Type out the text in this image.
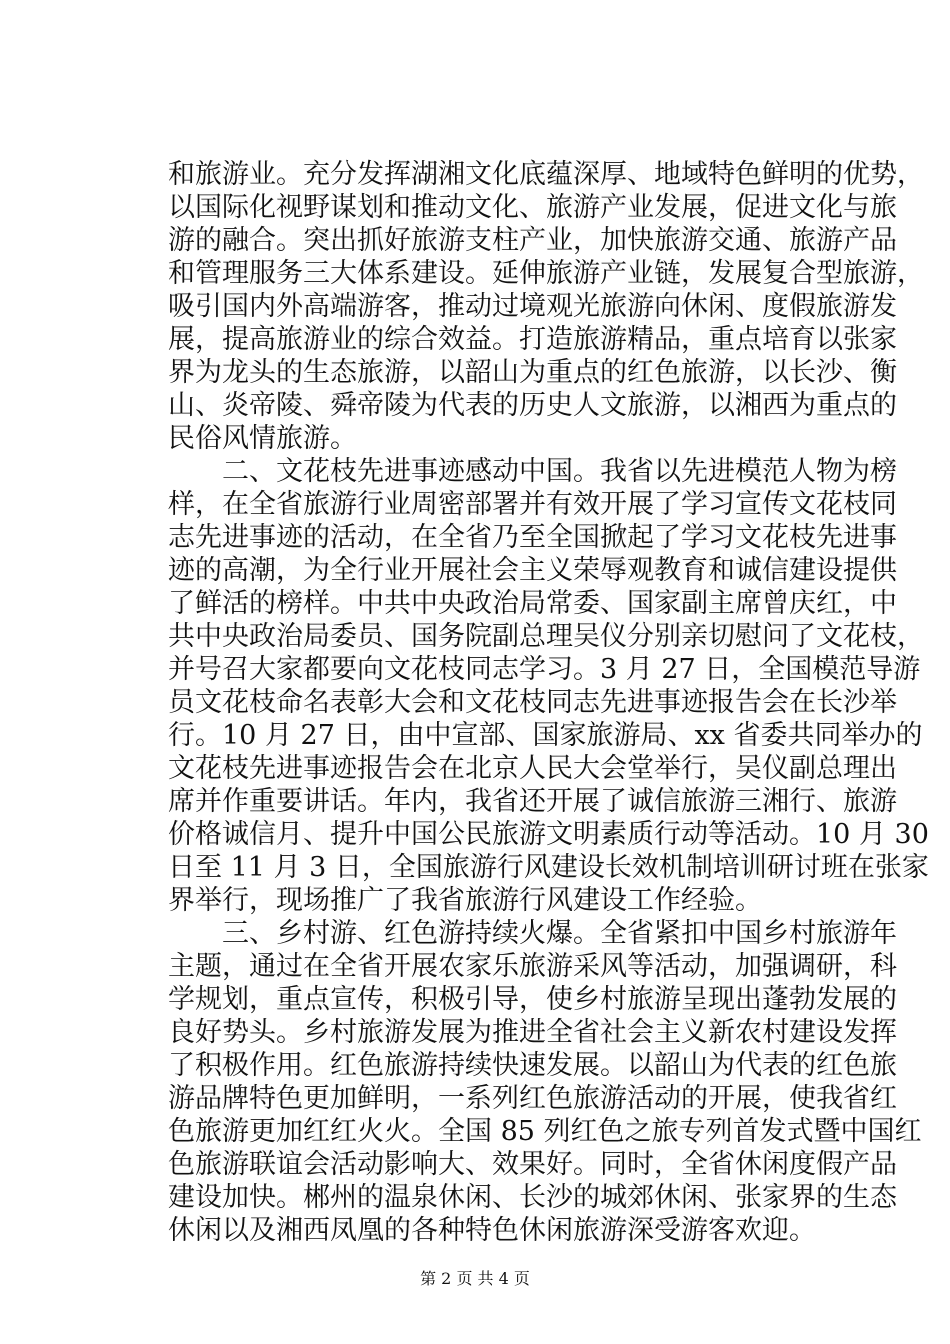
和旅游业。充分发挥湖湘文化底蕴深厚、地域特色鲜明的优势，
以国际化视野谋划和推动文化、旅游产业发展，促进文化与旅
游的融合。突出抓好旅游支柱产业，加快旅游交通、旅游产品
和管理服务三大体系建设。延伸旅游产业链，发展复合型旅游，
吸引国内外高端游客，推动过境观光旅游向休闲、度假旅游发
展，提高旅游业的综合效益。打造旅游精品，重点培育以张家
界为龙头的生态旅游，以韶山为重点的红色旅游，以长沙、衡
山、炎帝陵、舜帝陵为代表的历史人文旅游，以湘西为重点的
民俗风情旅游。
　　二、文花枝先进事迹感动中国。我省以先进模范人物为榜
样，在全省旅游行业周密部署并有效开展了学习宣传文花枝同
志先进事迹的活动，在全省乃至全国掀起了学习文花枝先进事
迹的高潮，为全行业开展社会主义荣辱观教育和诚信建设提供
了鲜活的榜样。中共中央政治局常委、国家副主席曾庆红，中
共中央政治局委员、国务院副总理吴仪分别亲切慰问了文花枝，
并号召大家都要向文花枝同志学习。3 月 27 日，全国模范导游
员文花枝命名表彰大会和文花枝同志先进事迹报告会在长沙举
行。10 月 27 日，由中宣部、国家旅游局、xx 省委共同举办的
文花枝先进事迹报告会在北京人民大会堂举行，吴仪副总理出
席并作重要讲话。年内，我省还开展了诚信旅游三湘行、旅游
价格诚信月、提升中国公民旅游文明素质行动等活动。10 月 30
日至 11 月 3 日，全国旅游行风建设长效机制培训研讨班在张家
界举行，现场推广了我省旅游行风建设工作经验。
　　三、乡村游、红色游持续火爆。全省紧扣中国乡村旅游年
主题，通过在全省开展农家乐旅游采风等活动，加强调研，科
学规划，重点宣传，积极引导，使乡村旅游呈现出蓬勃发展的
良好势头。乡村旅游发展为推进全省社会主义新农村建设发挥
了积极作用。红色旅游持续快速发展。以韶山为代表的红色旅
游品牌特色更加鲜明，一系列红色旅游活动的开展，使我省红
色旅游更加红红火火。全国 85 列红色之旅专列首发式暨中国红
色旅游联谊会活动影响大、效果好。同时，全省休闲度假产品
建设加快。郴州的温泉休闲、长沙的城郊休闲、张家界的生态
休闲以及湘西凤凰的各种特色休闲旅游深受游客欢迎。
第 2 页 共 4 页
